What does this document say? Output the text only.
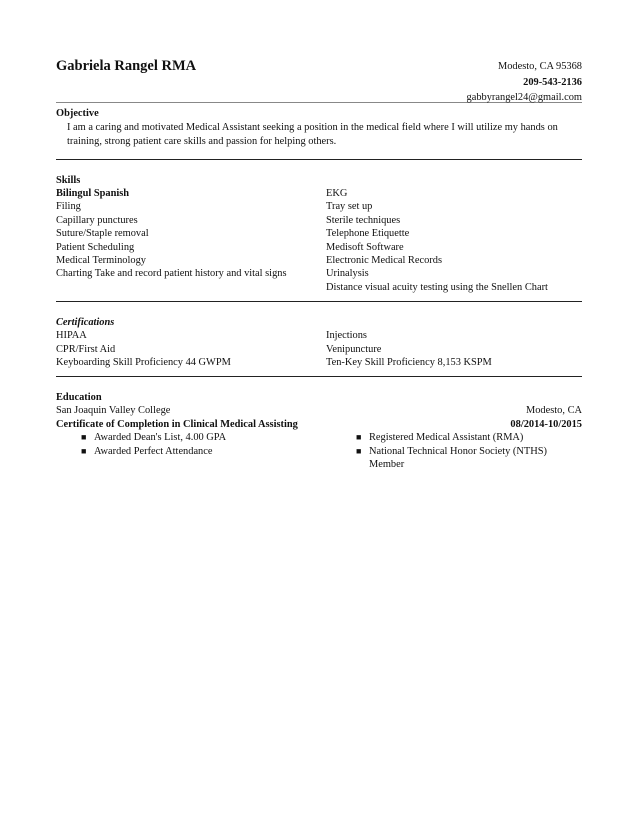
Gabriela Rangel RMA	Modesto, CA 95368
209-543-2136
gabbyrangel24@gmail.com
Objective
I am a caring and motivated Medical Assistant seeking a position in the medical field where I will utilize my hands on training, strong patient care skills and passion for helping others.
Skills
Bilingul Spanish
Filing
Capillary punctures
Suture/Staple removal
Patient Scheduling
Medical Terminology
Charting Take and record patient history and vital signs
EKG
Tray set up
Sterile techniques
Telephone Etiquette
Medisoft Software
Electronic Medical Records
Urinalysis
Distance visual acuity testing using the Snellen Chart
Certifications
HIPAA
CPR/First Aid
Keyboarding Skill Proficiency 44 GWPM
Injections
Venipuncture
Ten-Key Skill Proficiency 8,153 KSPM
Education
San Joaquin Valley College	Modesto, CA
Certificate of Completion in Clinical Medical Assisting	08/2014-10/2015
■ Awarded Dean's List, 4.00 GPA
■ Awarded Perfect Attendance
■ Registered Medical Assistant (RMA)
■ National Technical Honor Society (NTHS) Member
